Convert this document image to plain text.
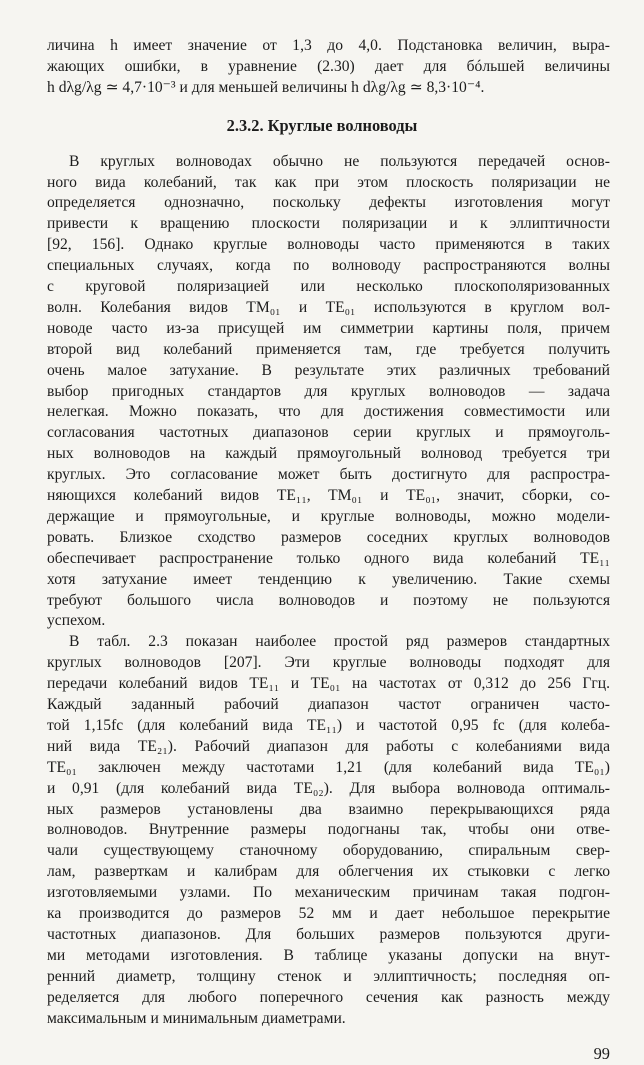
личина h имеет значение от 1,3 до 4,0. Подстановка величин, выра-
жающих ошибки, в уравнение (2.30) дает для бóльшей величины
h dλg/λg ≃ 4,7·10⁻³ и для меньшей величины h dλg/λg ≃ 8,3·10⁻⁴.
2.3.2. Круглые волноводы
В круглых волноводах обычно не пользуются передачей основ-
ного вида колебаний, так как при этом плоскость поляризации не
определяется однозначно, поскольку дефекты изготовления могут
привести к вращению плоскости поляризации и к эллиптичности
[92, 156]. Однако круглые волноводы часто применяются в таких
специальных случаях, когда по волноводу распространяются волны
с круговой поляризацией или несколько плоскополяризованных
волн. Колебания видов TM₀₁ и TE₀₁ используются в круглом вол-
новоде часто из-за присущей им симметрии картины поля, причем
второй вид колебаний применяется там, где требуется получить
очень малое затухание. В результате этих различных требований
выбор пригодных стандартов для круглых волноводов — задача
нелегкая. Можно показать, что для достижения совместимости или
согласования частотных диапазонов серии круглых и прямоуголь-
ных волноводов на каждый прямоугольный волновод требуется три
круглых. Это согласование может быть достигнуто для распростра-
няющихся колебаний видов TE₁₁, TM₀₁ и TE₀₁, значит, сборки, со-
держащие и прямоугольные, и круглые волноводы, можно модели-
ровать. Близкое сходство размеров соседних круглых волноводов
обеспечивает распространение только одного вида колебаний TE₁₁
хотя затухание имеет тенденцию к увеличению. Такие схемы
требуют большого числа волноводов и поэтому не пользуются
успехом.
В табл. 2.3 показан наиболее простой ряд размеров стандартных
круглых волноводов [207]. Эти круглые волноводы подходят для
передачи колебаний видов TE₁₁ и TE₀₁ на частотах от 0,312 до 256 Ггц.
Каждый заданный рабочий диапазон частот ограничен часто-
той 1,15fc (для колебаний вида TE₁₁) и частотой 0,95 fc (для колеба-
ний вида TE₂₁). Рабочий диапазон для работы с колебаниями вида
TE₀₁ заключен между частотами 1,21 (для колебаний вида TE₀₁)
и 0,91 (для колебаний вида TE₀₂). Для выбора волновода оптималь-
ных размеров установлены два взаимно перекрывающихся ряда
волноводов. Внутренние размеры подогнаны так, чтобы они отве-
чали существующему станочному оборудованию, спиральным свер-
лам, разверткам и калибрам для облегчения их стыковки с легко
изготовляемыми узлами. По механическим причинам такая подгон-
ка производится до размеров 52 мм и дает небольшое перекрытие
частотных диапазонов. Для больших размеров пользуются други-
ми методами изготовления. В таблице указаны допуски на внут-
ренний диаметр, толщину стенок и эллиптичность; последняя оп-
ределяется для любого поперечного сечения как разность между
максимальным и минимальным диаметрами.
99
